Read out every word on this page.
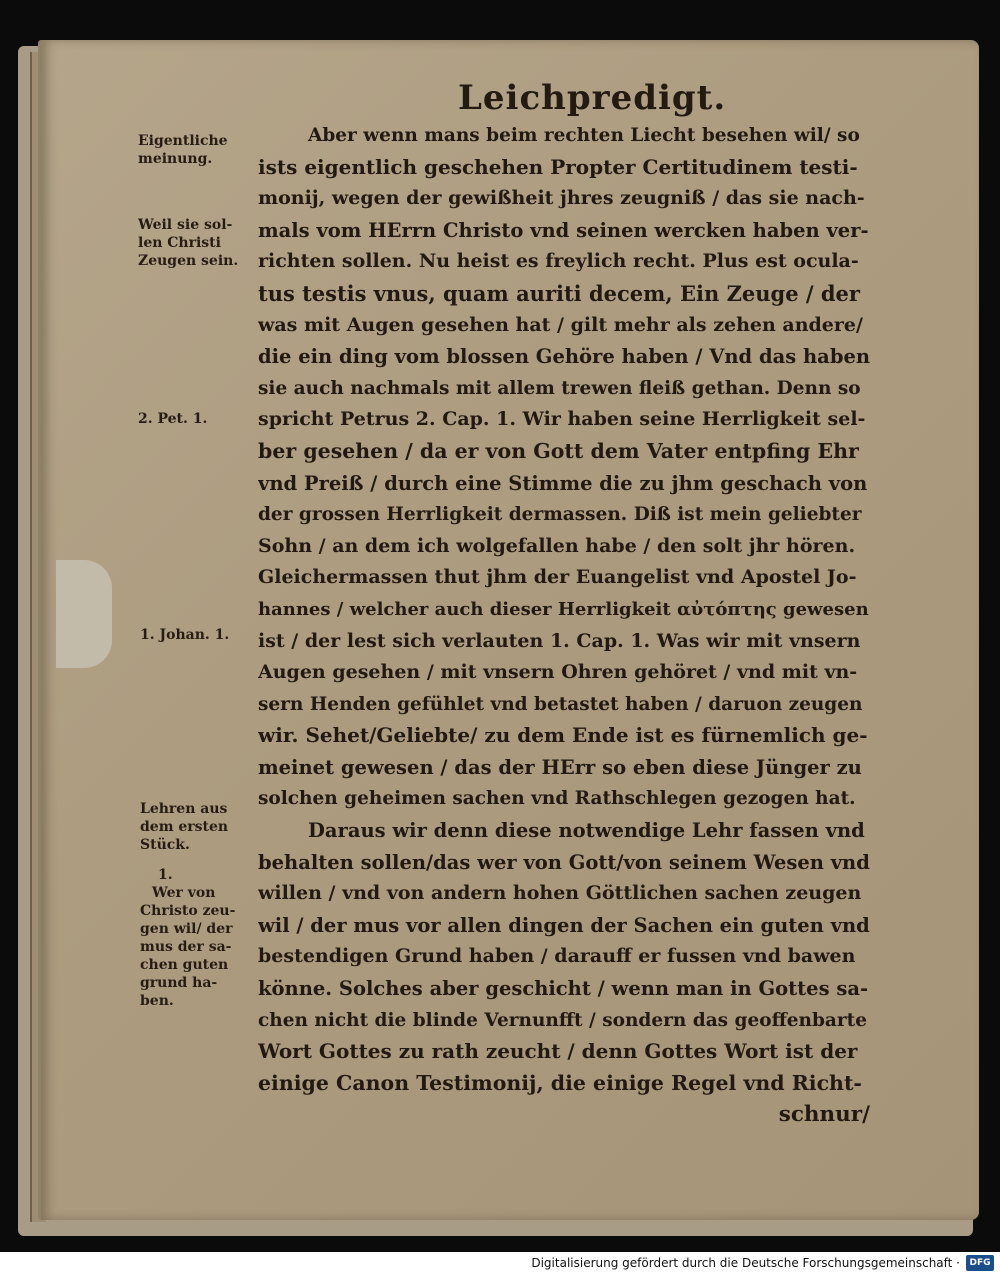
Leichpredigt.
Eigentliche
meinung.
Weil sie sol-
len Christi
Zeugen sein.
2. Pet. 1.
1. Johan. 1.
Lehren aus
dem ersten
Stück.
1.
Wer von
Christo zeu-
gen wil/ der
mus der sa-
chen guten
grund ha-
ben.
Aber wenn mans beim rechten Liecht besehen wil/ so
ists eigentlich geschehen Propter Certitudinem testi-
monij, wegen der gewißheit jhres zeugniß / das sie nach-
mals vom HErrn Christo vnd seinen wercken haben ver-
richten sollen. Nu heist es freylich recht. Plus est ocula-
tus testis vnus, quam auriti decem, Ein Zeuge / der
was mit Augen gesehen hat / gilt mehr als zehen andere/
die ein ding vom blossen Gehöre haben / Vnd das haben
sie auch nachmals mit allem trewen fleiß gethan. Denn so
spricht Petrus 2. Cap. 1. Wir haben seine Herrligkeit sel-
ber gesehen / da er von Gott dem Vater entpfing Ehr
vnd Preiß / durch eine Stimme die zu jhm geschach von
der grossen Herrligkeit dermassen. Diß ist mein geliebter
Sohn / an dem ich wolgefallen habe / den solt jhr hören.
Gleichermassen thut jhm der Euangelist vnd Apostel Jo-
hannes / welcher auch dieser Herrligkeit αὐτόπτης gewesen
ist / der lest sich verlauten 1. Cap. 1. Was wir mit vnsern
Augen gesehen / mit vnsern Ohren gehöret / vnd mit vn-
sern Henden gefühlet vnd betastet haben / daruon zeugen
wir. Sehet/Geliebte/ zu dem Ende ist es fürnemlich ge-
meinet gewesen / das der HErr so eben diese Jünger zu
solchen geheimen sachen vnd Rathschlegen gezogen hat.
Daraus wir denn diese notwendige Lehr fassen vnd
behalten sollen/das wer von Gott/von seinem Wesen vnd
willen / vnd von andern hohen Göttlichen sachen zeugen
wil / der mus vor allen dingen der Sachen ein guten vnd
bestendigen Grund haben / darauff er fussen vnd bawen
könne. Solches aber geschicht / wenn man in Gottes sa-
chen nicht die blinde Vernunfft / sondern das geoffenbarte
Wort Gottes zu rath zeucht / denn Gottes Wort ist der
einige Canon Testimonij, die einige Regel vnd Richt-
schnur/
Digitalisierung gefördert durch die Deutsche Forschungsgemeinschaft ·	DFG
